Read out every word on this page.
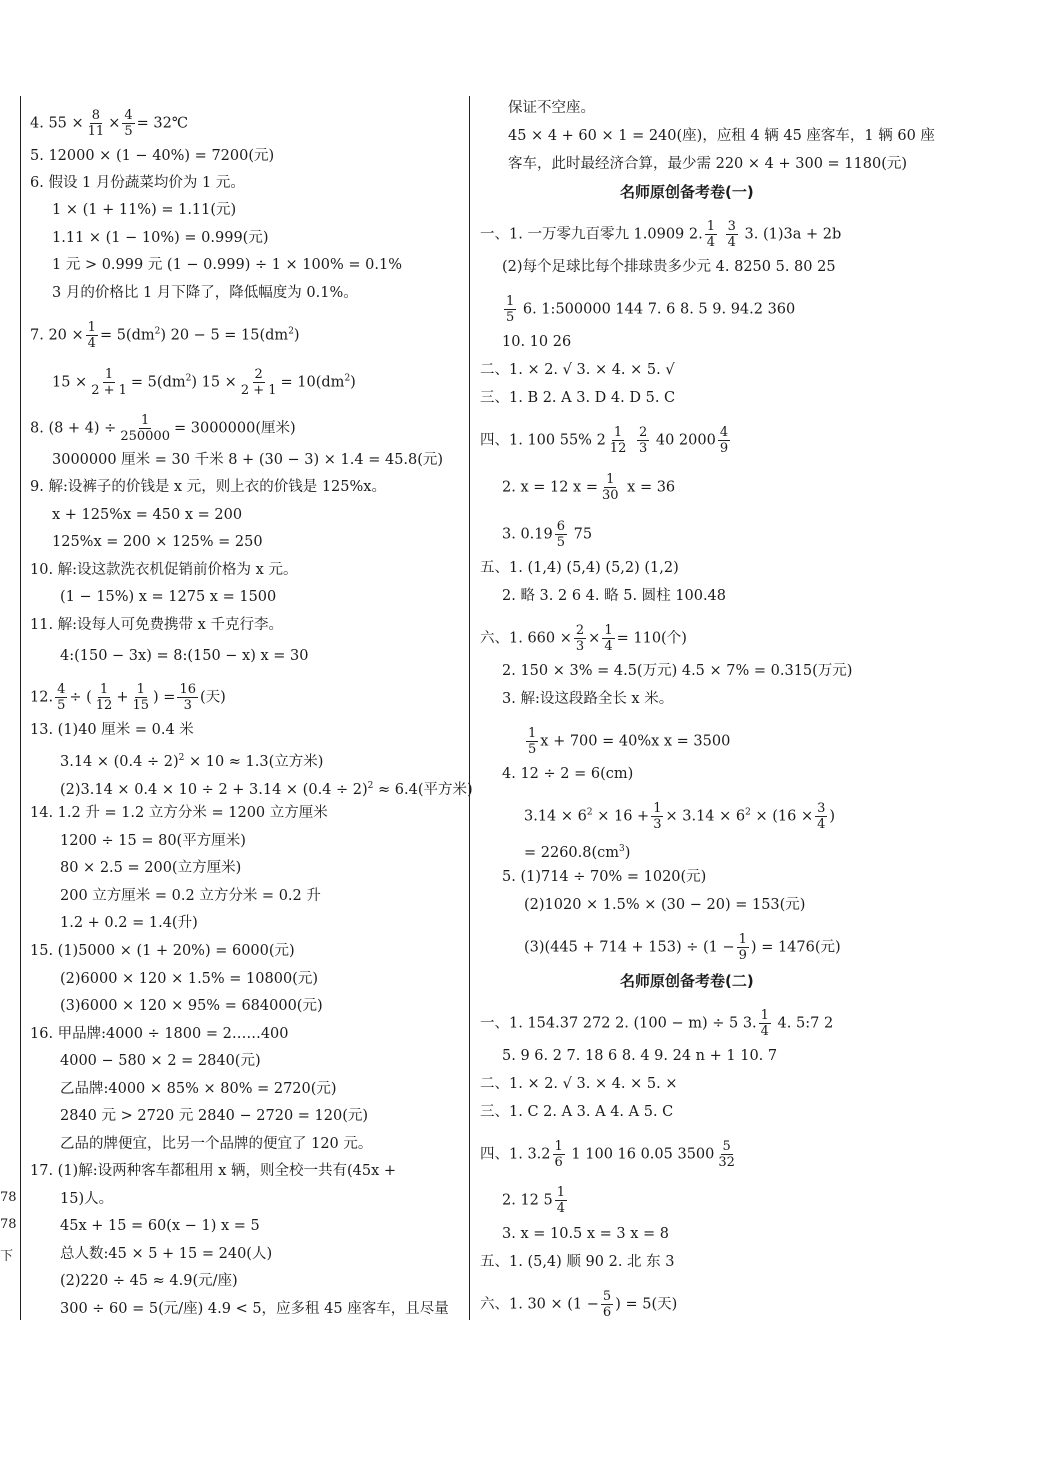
78
78
下
4. $55 \times \frac{8}{11} \times \frac{4}{5}$ = 32℃
5. 12000 × (1 − 40%) = 7200(元)
6. 假设 1 月份蔬菜均价为 1 元。
1 × (1 + 11%) = 1.11(元)
1.11 × (1 − 10%) = 0.999(元)
1 元 > 0.999 元 (1 − 0.999) ÷ 1 × 100% = 0.1%
3 月的价格比 1 月下降了，降低幅度为 0.1%。
7. $20 \times \frac{1}{4} = 5(dm^2) 20 - 5 = 15(dm^2)$
$15 \times \frac{1}{2 + 1} = 5(dm^2) 15 \times \frac{2}{2 + 1} = 10(dm^2)$
8. $(8 + 4) \div \frac{1}{250000} = 3000000$(厘米)
3000000 厘米 = 30 千米 8 + (30 − 3) × 1.4 = 45.8(元)
9. 解:设裤子的价钱是 x 元，则上衣的价钱是 125%x。
x + 125%x = 450 x = 200
125%x = 200 × 125% = 250
10. 解:设这款洗衣机促销前价格为 x 元。
(1 − 15%) x = 1275 x = 1500
11. 解:设每人可免费携带 x 千克行李。
4:(150 − 3x) = 8:(150 − x) x = 30
12. $\frac{4}{5}$ ÷ ( $\frac{1}{12} + \frac{1}{15}$ ) = $\frac{16}{3}$ (天)
13. (1)40 厘米 = 0.4 米
$3.14 \times (0.4 \div 2)^2 \times 10 \approx 1.3$(立方米)
$(2)3.14 \times 0.4 \times 10 \div 2 + 3.14 \times (0.4 \div 2)^2 \approx 6.4$(平方米)
14. 1.2 升 = 1.2 立方分米 = 1200 立方厘米
1200 ÷ 15 = 80(平方厘米)
80 × 2.5 = 200(立方厘米)
200 立方厘米 = 0.2 立方分米 = 0.2 升
1.2 + 0.2 = 1.4(升)
15. (1)5000 × (1 + 20%) = 6000(元)
(2)6000 × 120 × 1.5% = 10800(元)
(3)6000 × 120 × 95% = 684000(元)
16. 甲品牌:4000 ÷ 1800 = 2……400
4000 − 580 × 2 = 2840(元)
乙品牌:4000 × 85% × 80% = 2720(元)
2840 元 > 2720 元 2840 − 2720 = 120(元)
乙品的牌便宜，比另一个品牌的便宜了 120 元。
17. (1)解:设两种客车都租用 x 辆，则全校一共有(45x +
15)人。
45x + 15 = 60(x − 1) x = 5
总人数:45 × 5 + 15 = 240(人)
(2)220 ÷ 45 ≈ 4.9(元/座)
300 ÷ 60 = 5(元/座) 4.9 < 5，应多租 45 座客车，且尽量
保证不空座。
45 × 4 + 60 × 1 = 240(座)，应租 4 辆 45 座客车，1 辆 60 座
客车，此时最经济合算，最少需 220 × 4 + 300 = 1180(元)
名师原创备考卷(一)
一、1. 一万零九百零九 1.0909 2. $\frac{1}{4}$
$\frac{3}{4} 3$. (1)3a + 2b
(2)每个足球比每个排球贵多少元 4. 8250 5. 80 25
$\frac{1}{5} 6$. 1:500000 144 7. 6 8. 5 9. 94.2 360
10. 10 26
二、1. × 2. √ 3. × 4. × 5. √
三、1. B 2. A 3. D 4. D 5. C
四、1. 100 55% $2 \frac{1}{12}$
$\frac{2}{3} 40$ $2000 \frac{4}{9}$
2. x = 12 $x = \frac{1}{30}$ x = 36
3. $0.19 \frac{6}{5} 75$
五、1. (1,4) (5,4) (5,2) (1,2)
2. 略 3. 2 6 4. 略 5. 圆柱 100.48
六、1. $660 \times \frac{2}{3} \times \frac{1}{4} = 110$(个)
2. 150 × 3% = 4.5(万元) 4.5 × 7% = 0.315(万元)
3. 解:设这段路全长 x 米。
$\frac{1}{5}$ x + 700 = 40%x x = 3500
4. 12 ÷ 2 = 6(cm)
$3.14 \times 6^2 \times 16 + \frac{1}{3} \times 3.14 \times 6^2 \times (16 \times \frac{3}{4}$ )
= $2260.8(cm^3)$
5. (1)714 ÷ 70% = 1020(元)
(2)1020 × 1.5% × (30 − 20) = 153(元)
$(3)(445 + 714 + 153) \div (1 - \frac{1}{9}$ ) = 1476(元)
名师原创备考卷(二)
一、1. 154.37 272 2. (100 − m) ÷ 5 3. $\frac{1}{4} 4$. 5:7 2
5. 9 6. 2 7. 18 6 8. 4 9. 24 n + 1 10. 7
二、1. × 2. √ 3. × 4. × 5. ×
三、1. C 2. A 3. A 4. A 5. C
四、1. $3.2 \frac{1}{6} 1$ 100 16 0.05 $3500 \frac{5}{32}$
2. 12 $5 \frac{1}{4}$
3. x = 10.5 x = 3 x = 8
五、1. (5,4) 顺 90 2. 北 东 3
六、1. $30 \times (1 - \frac{5}{6}$ ) = 5(天)
